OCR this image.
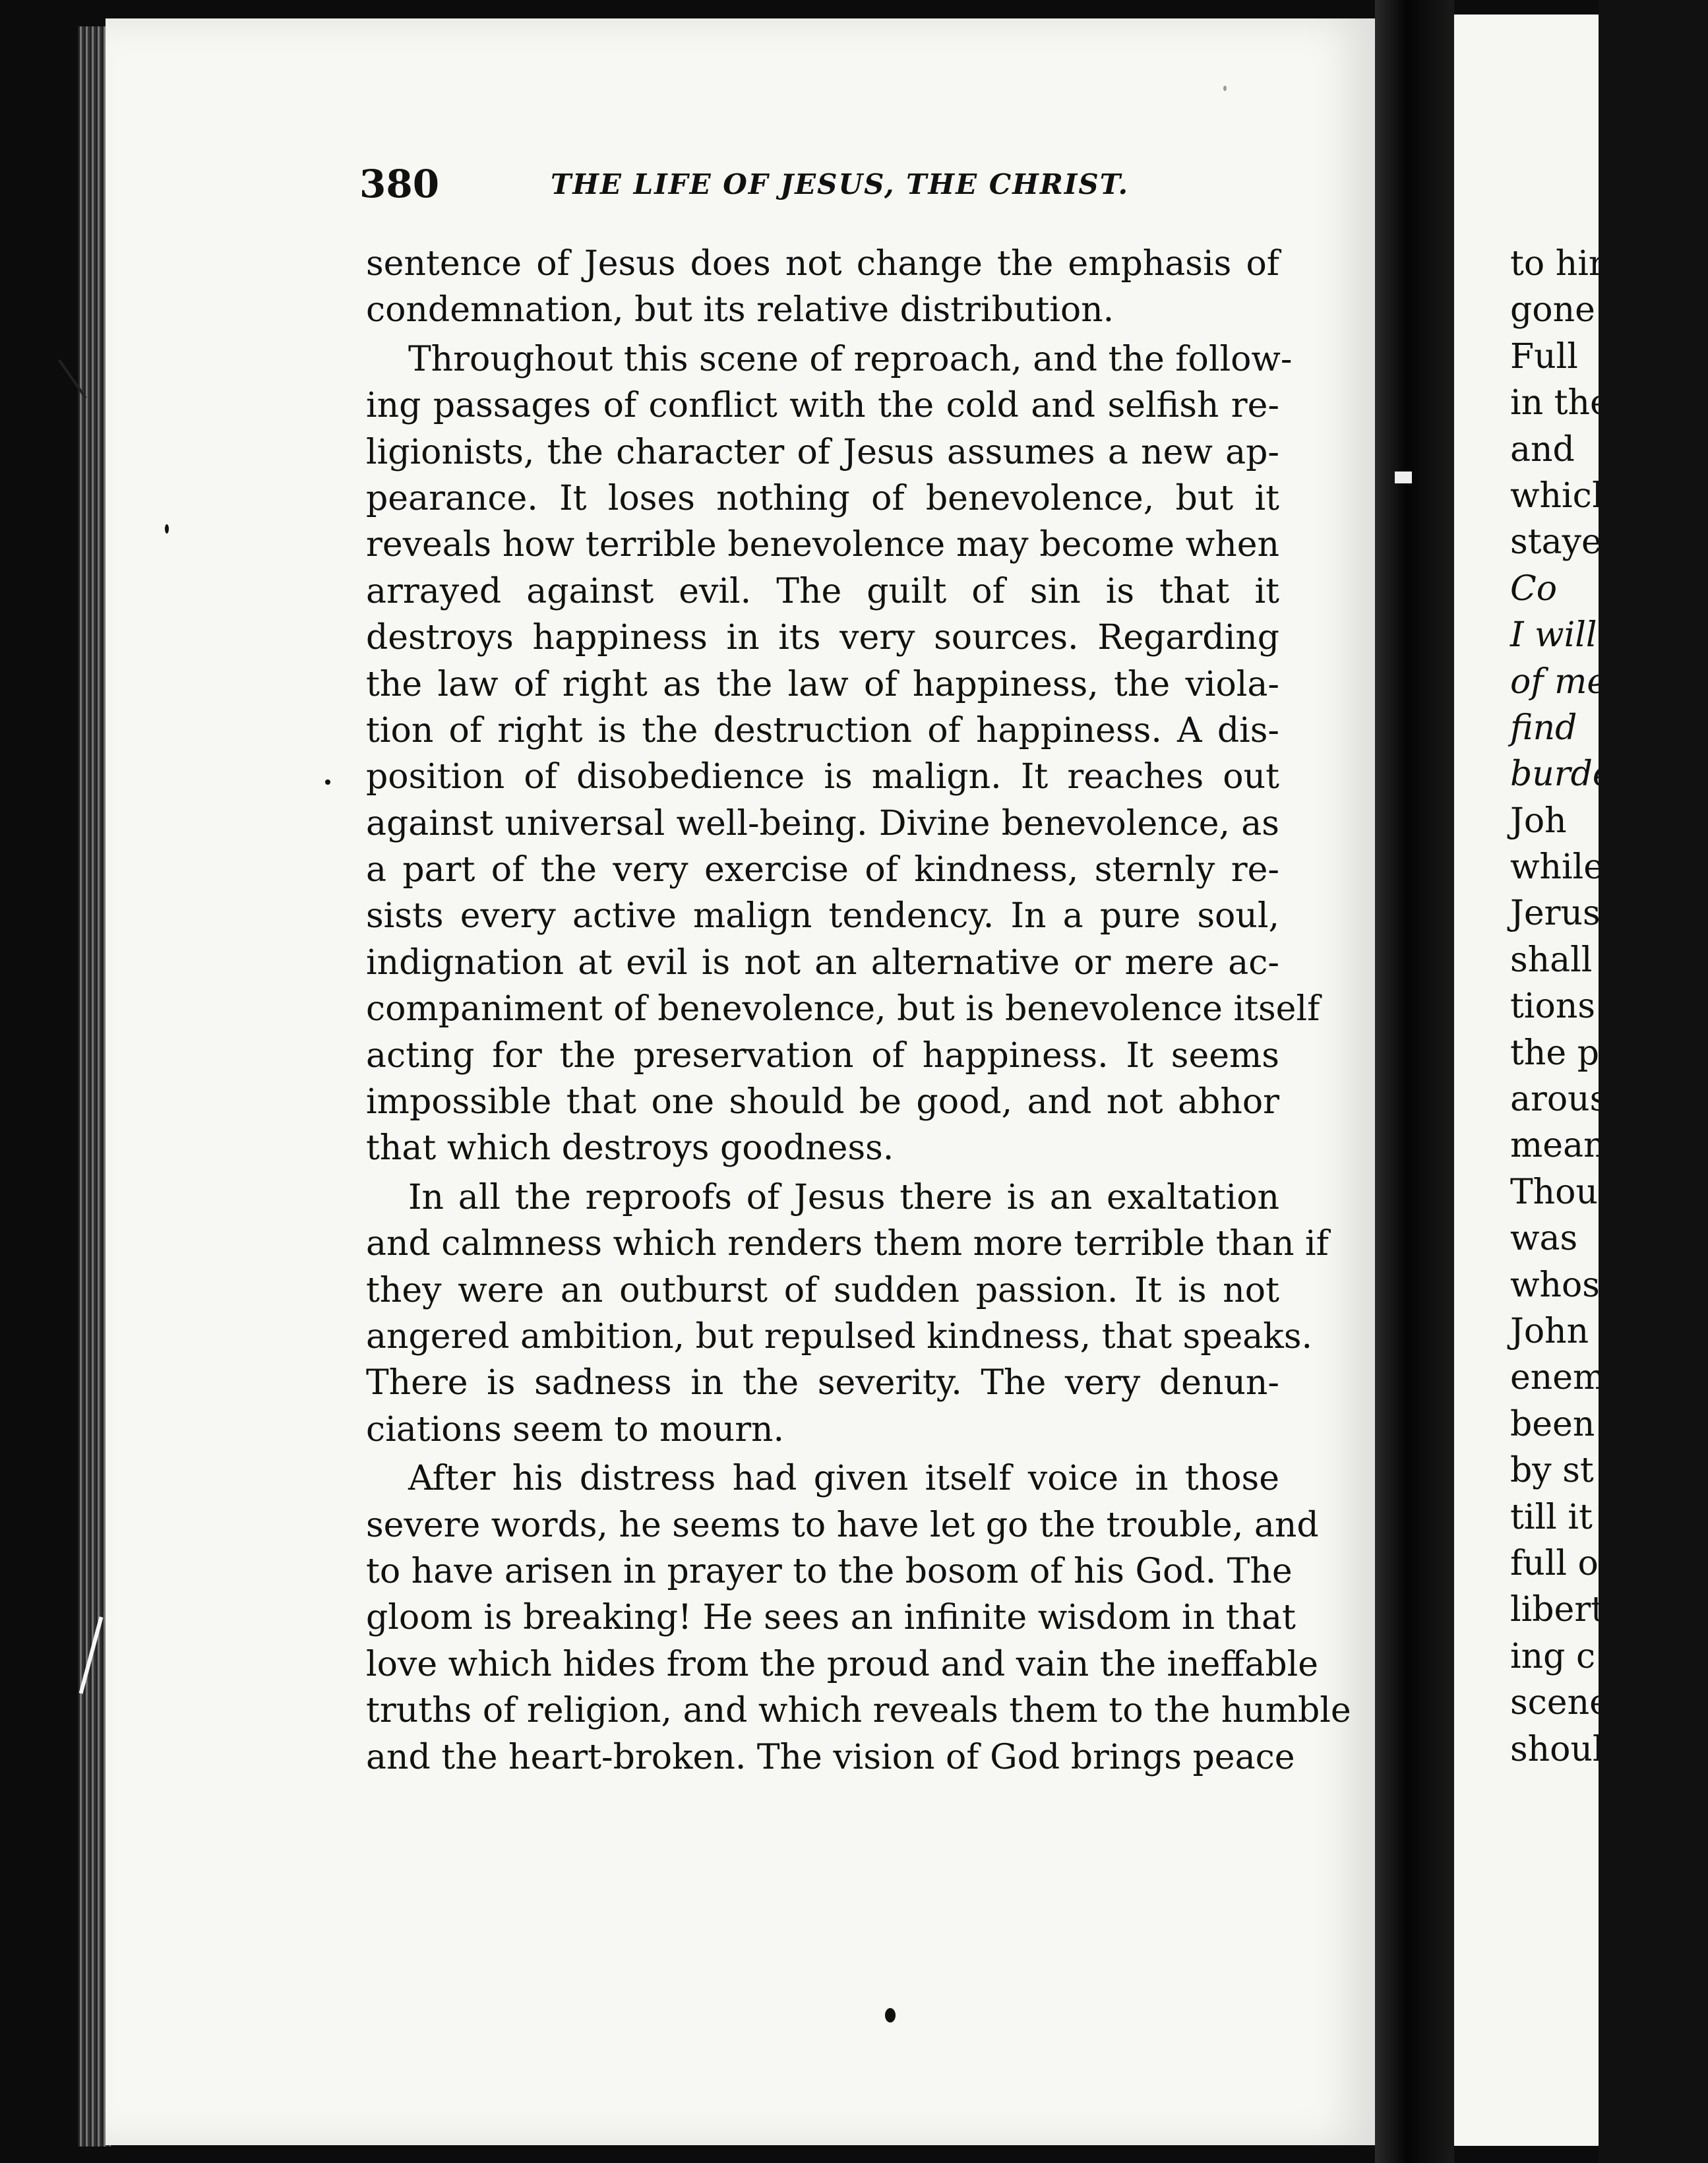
380	THE LIFE OF JESUS, THE CHRIST.
sentence of Jesus does not change the emphasis of
condemnation, but its relative distribution.
Throughout this scene of reproach, and the follow-
ing passages of conflict with the cold and selfish re-
ligionists, the character of Jesus assumes a new ap-
pearance. It loses nothing of benevolence, but it
reveals how terrible benevolence may become when
arrayed against evil. The guilt of sin is that it
destroys happiness in its very sources. Regarding
the law of right as the law of happiness, the viola-
tion of right is the destruction of happiness. A dis-
position of disobedience is malign. It reaches out
against universal well-being. Divine benevolence, as
a part of the very exercise of kindness, sternly re-
sists every active malign tendency. In a pure soul,
indignation at evil is not an alternative or mere ac-
companiment of benevolence, but is benevolence itself
acting for the preservation of happiness. It seems
impossible that one should be good, and not abhor
that which destroys goodness.
In all the reproofs of Jesus there is an exaltation
and calmness which renders them more terrible than if
they were an outburst of sudden passion. It is not
angered ambition, but repulsed kindness, that speaks.
There is sadness in the severity. The very denun-
ciations seem to mourn.
After his distress had given itself voice in those
severe words, he seems to have let go the trouble, and
to have arisen in prayer to the bosom of his God. The
gloom is breaking! He sees an infinite wisdom in that
love which hides from the proud and vain the ineffable
truths of religion, and which reveals them to the humble
and the heart-broken. The vision of God brings peace
to hir
gone
Full
in the
and
which
staye
Co
I will
of me
find
burder
Joh
while
Jerus
shall
tions
the p
arous
mean
Thou
was
whose
John
enem
been
by st
till it
full o
libert
ing c
scene
shoul
